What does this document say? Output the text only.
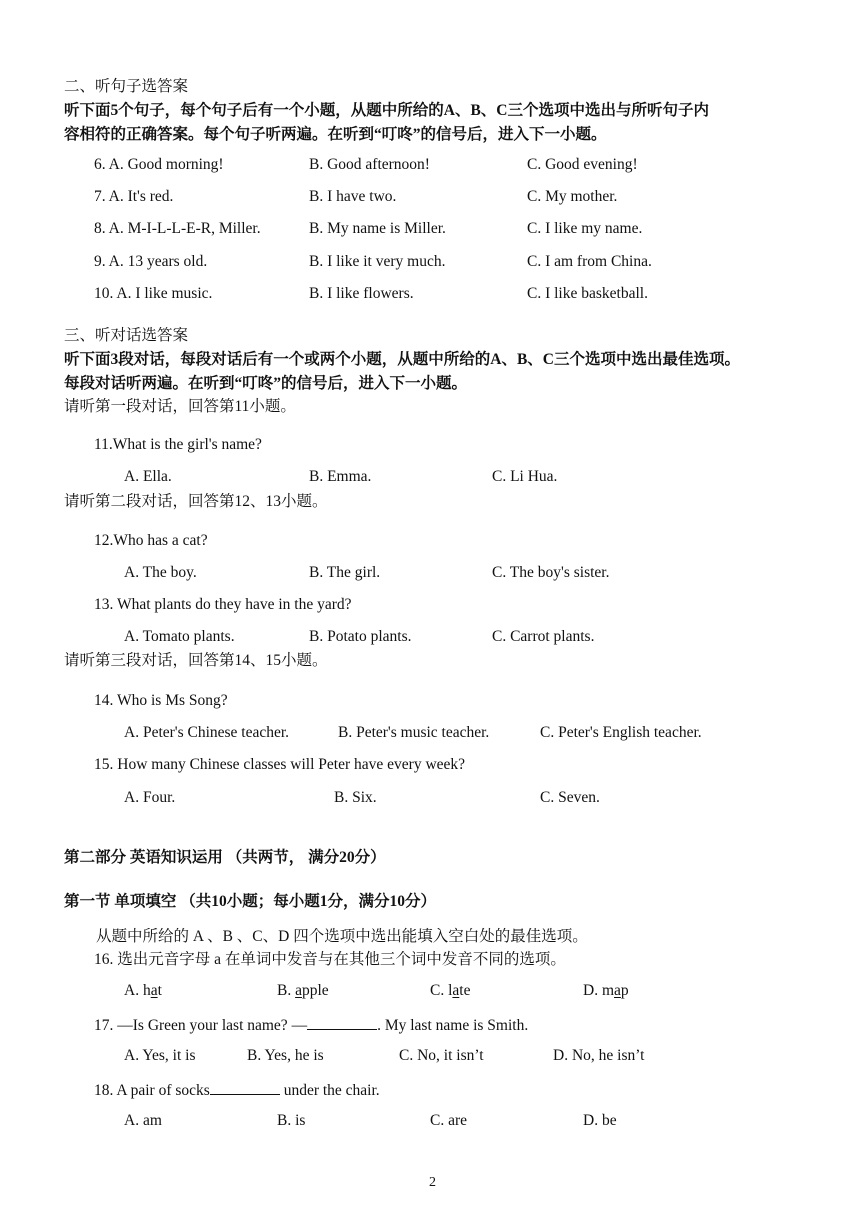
二、听句子选答案
听下面5个句子，每个句子后有一个小题，从题中所给的A、B、C三个选项中选出与所听句子内
容相符的正确答案。每个句子听两遍。在听到“叮咚”的信号后，进入下一小题。
6. A. Good morning!	B. Good afternoon!	C. Good evening!
7. A. It's red.	B. I have two.	C. My mother.
8. A. M-I-L-L-E-R, Miller.	B. My name is Miller.	C. I like my name.
9. A. 13 years old.	B. I like it very much.	C. I am from China.
10. A. I like music.	B. I like flowers.	C. I like basketball.
三、听对话选答案
听下面3段对话，每段对话后有一个或两个小题，从题中所给的A、B、C三个选项中选出最佳选项。
每段对话听两遍。在听到“叮咚”的信号后，进入下一小题。
请听第一段对话，回答第11小题。
11.What is the girl's name?
A. Ella.	B. Emma.	C. Li Hua.
请听第二段对话，回答第12、13小题。
12.Who has a cat?
A. The boy.	B. The girl.	C. The boy's sister.
13. What plants do they have in the yard?
A. Tomato plants.	B. Potato plants.	C. Carrot plants.
请听第三段对话，回答第14、15小题。
14. Who is Ms Song?
A. Peter's Chinese teacher.	B. Peter's music teacher.	C. Peter's English teacher.
15. How many Chinese classes will Peter have every week?
A. Four.	B. Six.	C. Seven.
第二部分 英语知识运用 （共两节， 满分20分）
第一节 单项填空 （共10小题；每小题1分，满分10分）
从题中所给的 A 、B 、C、D 四个选项中选出能填入空白处的最佳选项。
16. 选出元音字母 a 在单词中发音与在其他三个词中发音不同的选项。
A. hat	B. apple	C. late	D. map
17. —Is Green your last name? —	. My last name is Smith.
A. Yes, it is	B. Yes, he is	C. No, it isn’t	D. No, he isn’t
18. A pair of socks	under the chair.
A. am	B. is	C. are	D. be
2
